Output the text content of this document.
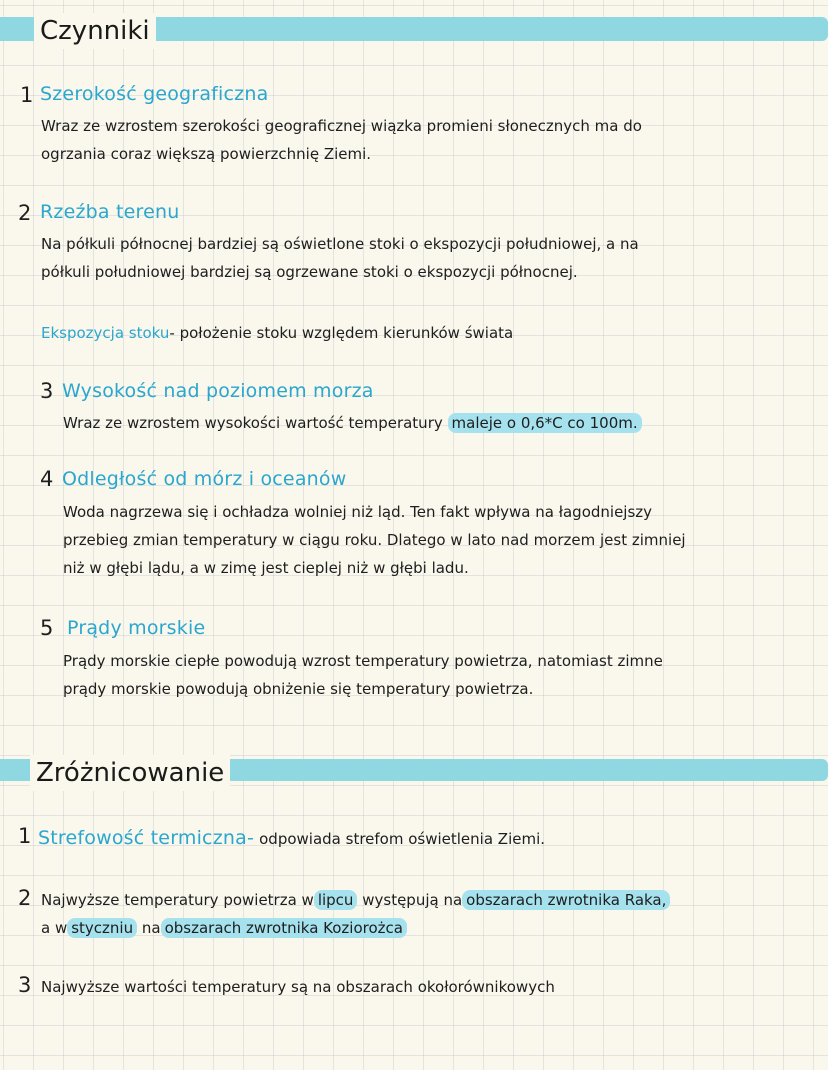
Czynniki
1 Szerokość geograficzna
Wraz ze wzrostem szerokości geograficznej wiązka promieni słonecznych ma do
ogrzania coraz większą powierzchnię Ziemi.
2 Rzeźba terenu
Na półkuli północnej bardziej są oświetlone stoki o ekspozycji południowej, a na
półkuli południowej bardziej są ogrzewane stoki o ekspozycji północnej.
Ekspozycja stoku- położenie stoku względem kierunków świata
3 Wysokość nad poziomem morza
Wraz ze wzrostem wysokości wartość temperatury maleje o 0,6*C co 100m.
4 Odległość od mórz i oceanów
Woda nagrzewa się i ochładza wolniej niż ląd. Ten fakt wpływa na łagodniejszy
przebieg zmian temperatury w ciągu roku. Dlatego w lato nad morzem jest zimniej
niż w głębi lądu, a w zimę jest cieplej niż w głębi ladu.
5 Prądy morskie
Prądy morskie ciepłe powodują wzrost temperatury powietrza, natomiast zimne
prądy morskie powodują obniżenie się temperatury powietrza.
Zróżnicowanie
1 Strefowość termiczna- odpowiada strefom oświetlenia Ziemi.
2 Najwyższe temperatury powietrza w lipcu występują na obszarach zwrotnika Raka,
a w styczniu na obszarach zwrotnika Koziorożca
3 Najwyższe wartości temperatury są na obszarach okołorównikowych
